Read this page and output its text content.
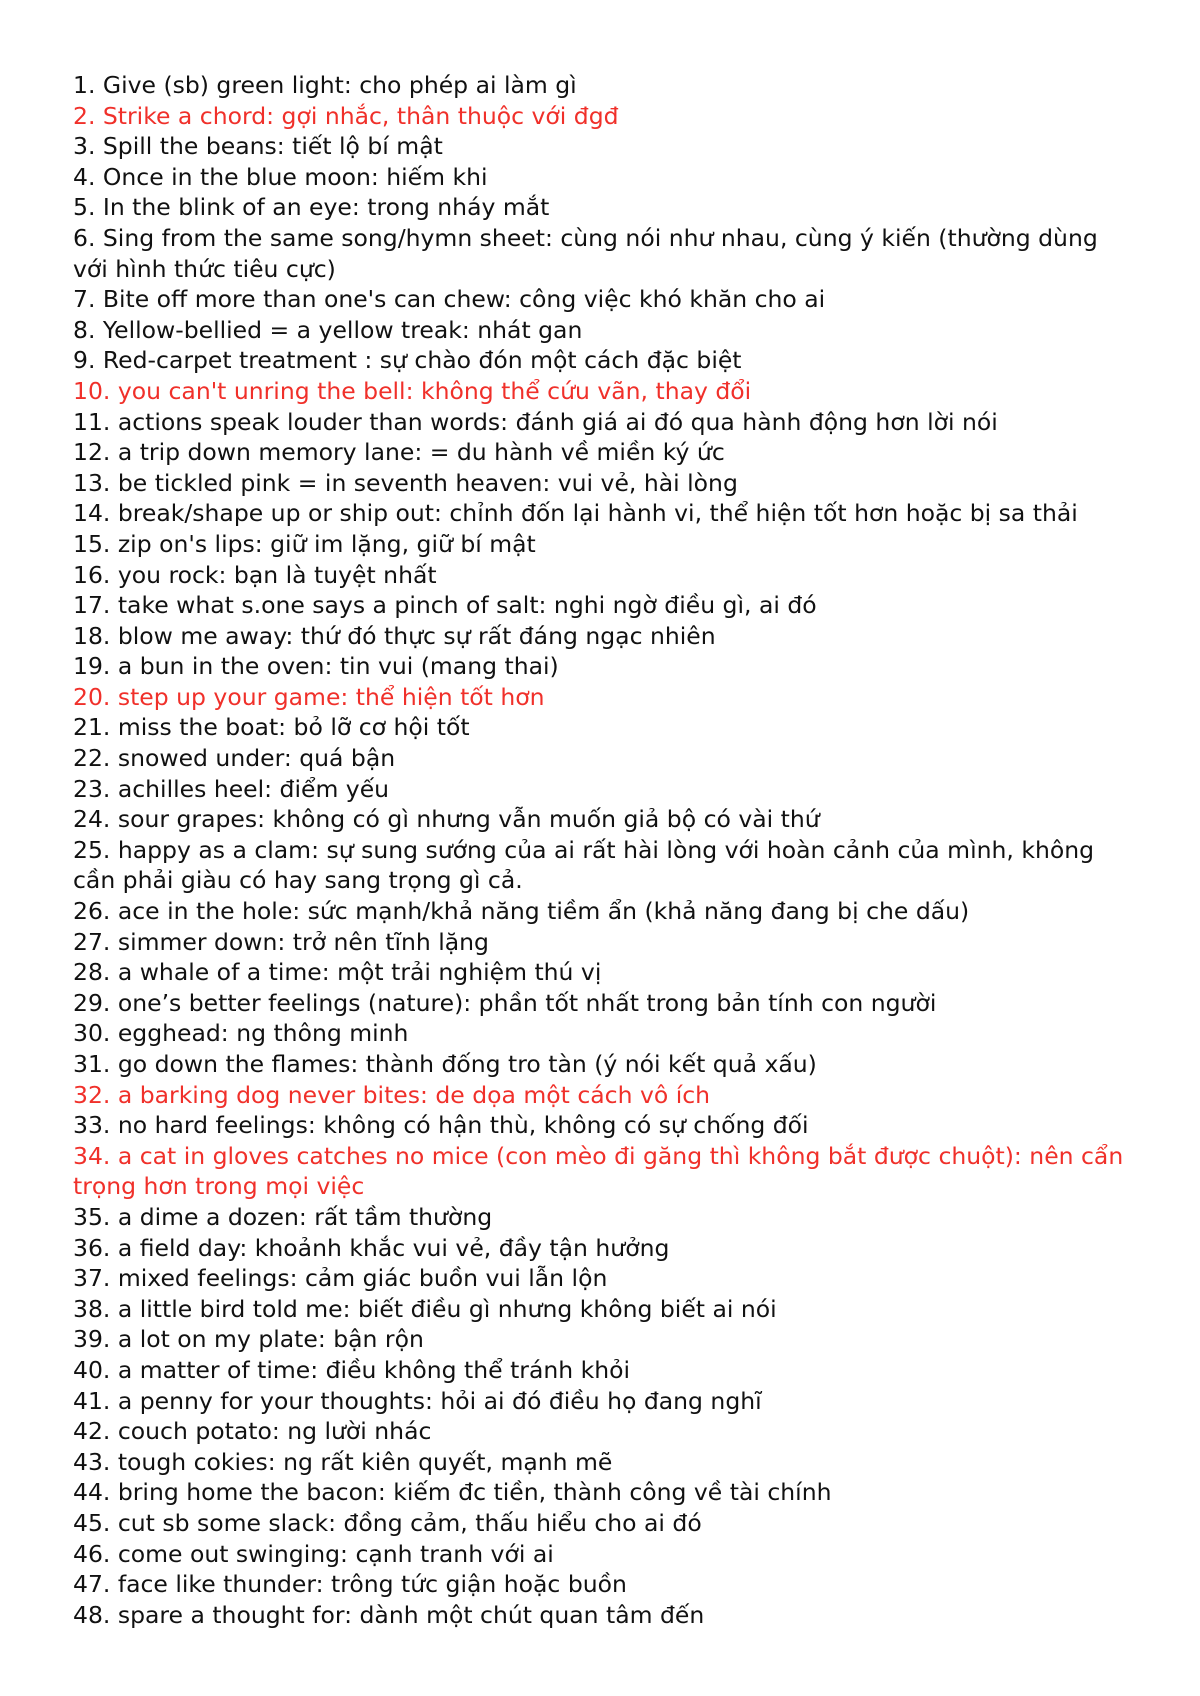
1. Give (sb) green light: cho phép ai làm gì

2. Strike a chord: gợi nhắc, thân thuộc với đgđ

3. Spill the beans: tiết lộ bí mật

4. Once in the blue moon: hiếm khi

5. In the blink of an eye: trong nháy mắt

6. Sing from the same song/hymn sheet: cùng nói như nhau, cùng ý kiến (thường dùng với hình thức tiêu cực)

7. Bite off more than one's can chew: công việc khó khăn cho ai

8. Yellow-bellied = a yellow treak: nhát gan

9. Red-carpet treatment : sự chào đón một cách đặc biệt

10. you can't unring the bell: không thể cứu vãn, thay đổi

11. actions speak louder than words: đánh giá ai đó qua hành động hơn lời nói

12. a trip down memory lane: = du hành về miền ký ức

13. be tickled pink = in seventh heaven: vui vẻ, hài lòng

14. break/shape up or ship out: chỉnh đốn lại hành vi, thể hiện tốt hơn hoặc bị sa thải

15. zip on's lips: giữ im lặng, giữ bí mật

16. you rock: bạn là tuyệt nhất

17. take what s.one says a pinch of salt: nghi ngờ điều gì, ai đó

18. blow me away: thứ đó thực sự rất đáng ngạc nhiên

19. a bun in the oven: tin vui (mang thai)

20. step up your game: thể hiện tốt hơn

21. miss the boat: bỏ lỡ cơ hội tốt

22. snowed under: quá bận

23. achilles heel: điểm yếu

24. sour grapes: không có gì nhưng vẫn muốn giả bộ có vài thứ

25. happy as a clam: sự sung sướng của ai rất hài lòng với hoàn cảnh của mình, không cần phải giàu có hay sang trọng gì cả.

26. ace in the hole: sức mạnh/khả năng tiềm ẩn (khả năng đang bị che dấu)

27. simmer down: trở nên tĩnh lặng

28. a whale of a time: một trải nghiệm thú vị

29. one’s better feelings (nature): phần tốt nhất trong bản tính con người

30. egghead: ng thông minh

31. go down the flames: thành đống tro tàn (ý nói kết quả xấu)

32. a barking dog never bites: de dọa một cách vô ích

33. no hard feelings: không có hận thù, không có sự chống đối

34. a cat in gloves catches no mice (con mèo đi găng thì không bắt được chuột): nên cẩn trọng hơn trong mọi việc

35. a dime a dozen: rất tầm thường

36. a field day: khoảnh khắc vui vẻ, đầy tận hưởng

37. mixed feelings: cảm giác buồn vui lẫn lộn

38. a little bird told me: biết điều gì nhưng không biết ai nói

39. a lot on my plate: bận rộn

40. a matter of time: điều không thể tránh khỏi

41. a penny for your thoughts: hỏi ai đó điều họ đang nghĩ

42. couch potato: ng lười nhác

43. tough cokies: ng rất kiên quyết, mạnh mẽ

44. bring home the bacon: kiếm đc tiền, thành công về tài chính

45. cut sb some slack: đồng cảm, thấu hiểu cho ai đó

46. come out swinging: cạnh tranh với ai

47. face like thunder: trông tức giận hoặc buồn

48. spare a thought for: dành một chút quan tâm đến
